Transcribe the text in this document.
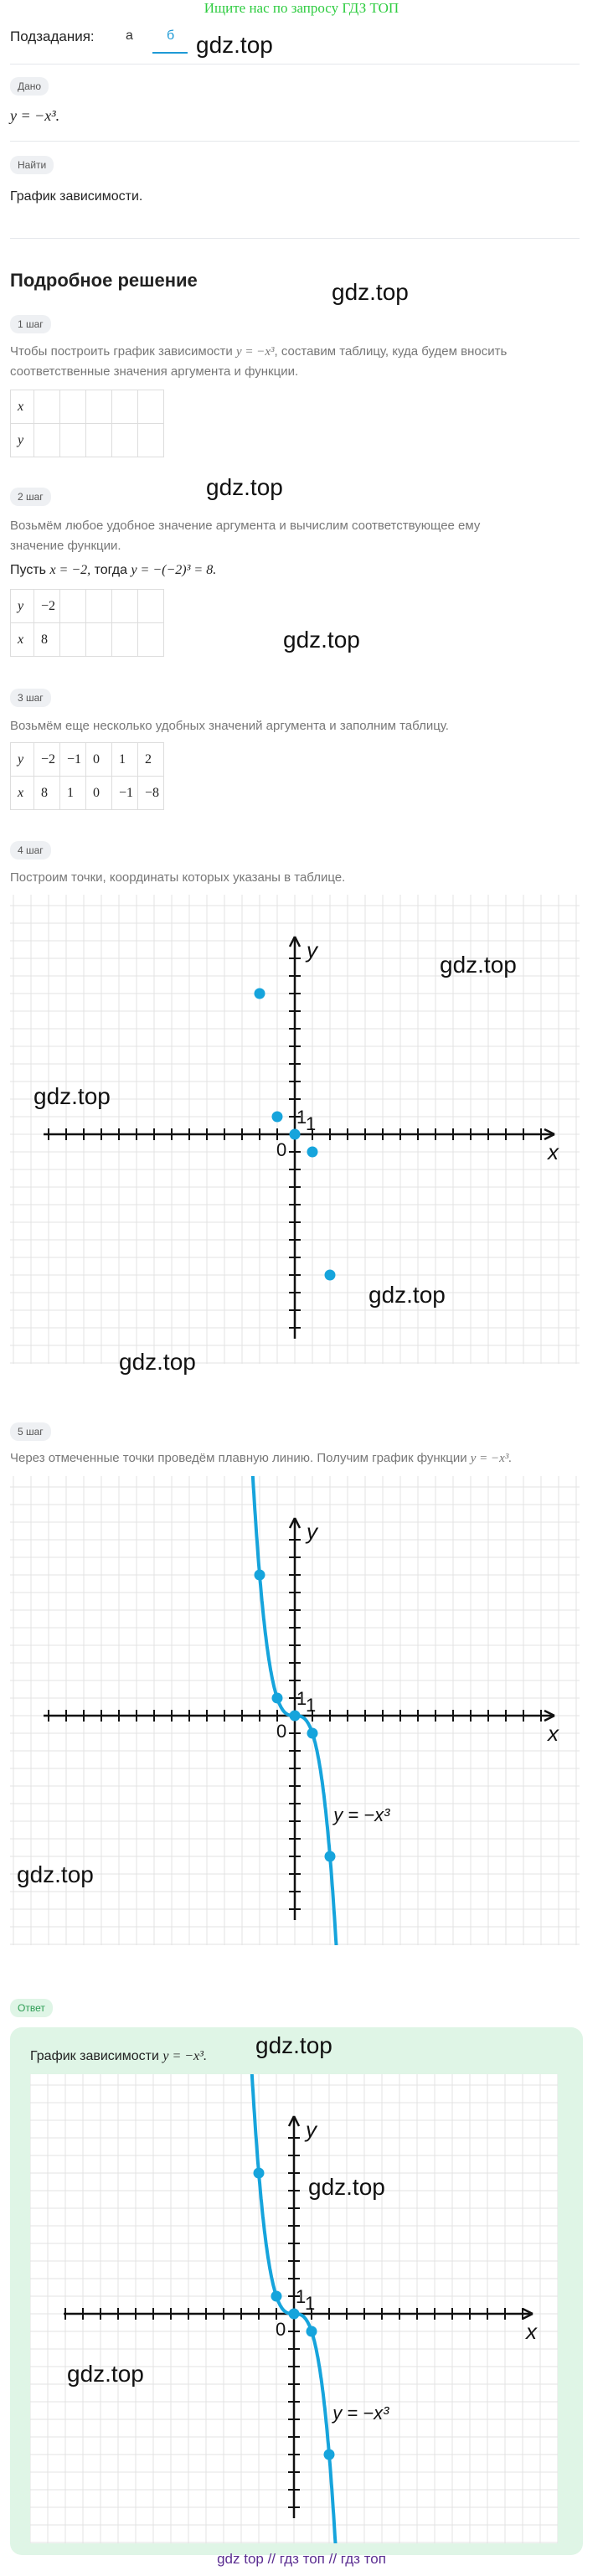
Ищите нас по запросу ГДЗ ТОП
Подзадания: а	б gdz.top
Дано
y = −x³.
Найти
График зависимости.
Подробное решение	gdz.top
1 шаг
Чтобы построить график зависимости y = −x³, составим таблицу, куда будем вносить
соответственные значения аргумента и функции.
x					
y					
2 шаг	gdz.top
Возьмём любое удобное значение аргумента и вычислим соответствующее ему
значение функции.
Пусть x = −2, тогда y = −(−2)³ = 8.
y	−2				
x	8					gdz.top
3 шаг
Возьмём еще несколько удобных значений аргумента и заполним таблицу.
y	−2	−1	0	1	2
x	8	1	0	−1	−8
4 шаг
Построим точки, координаты которых указаны в таблице.
x
y
1
1
0
gdz.top
gdz.top
gdz.top
gdz.top
5 шаг
Через отмеченные точки проведём плавную линию. Получим график функции y = −x³.
x
y
1
1
0
y = −x³
gdz.top
Ответ
График зависимости y = −x³. gdz.top
x
y
1
1
0
y = −x³
gdz.top
gdz.top
gdz top // гдз топ // гдз топ
